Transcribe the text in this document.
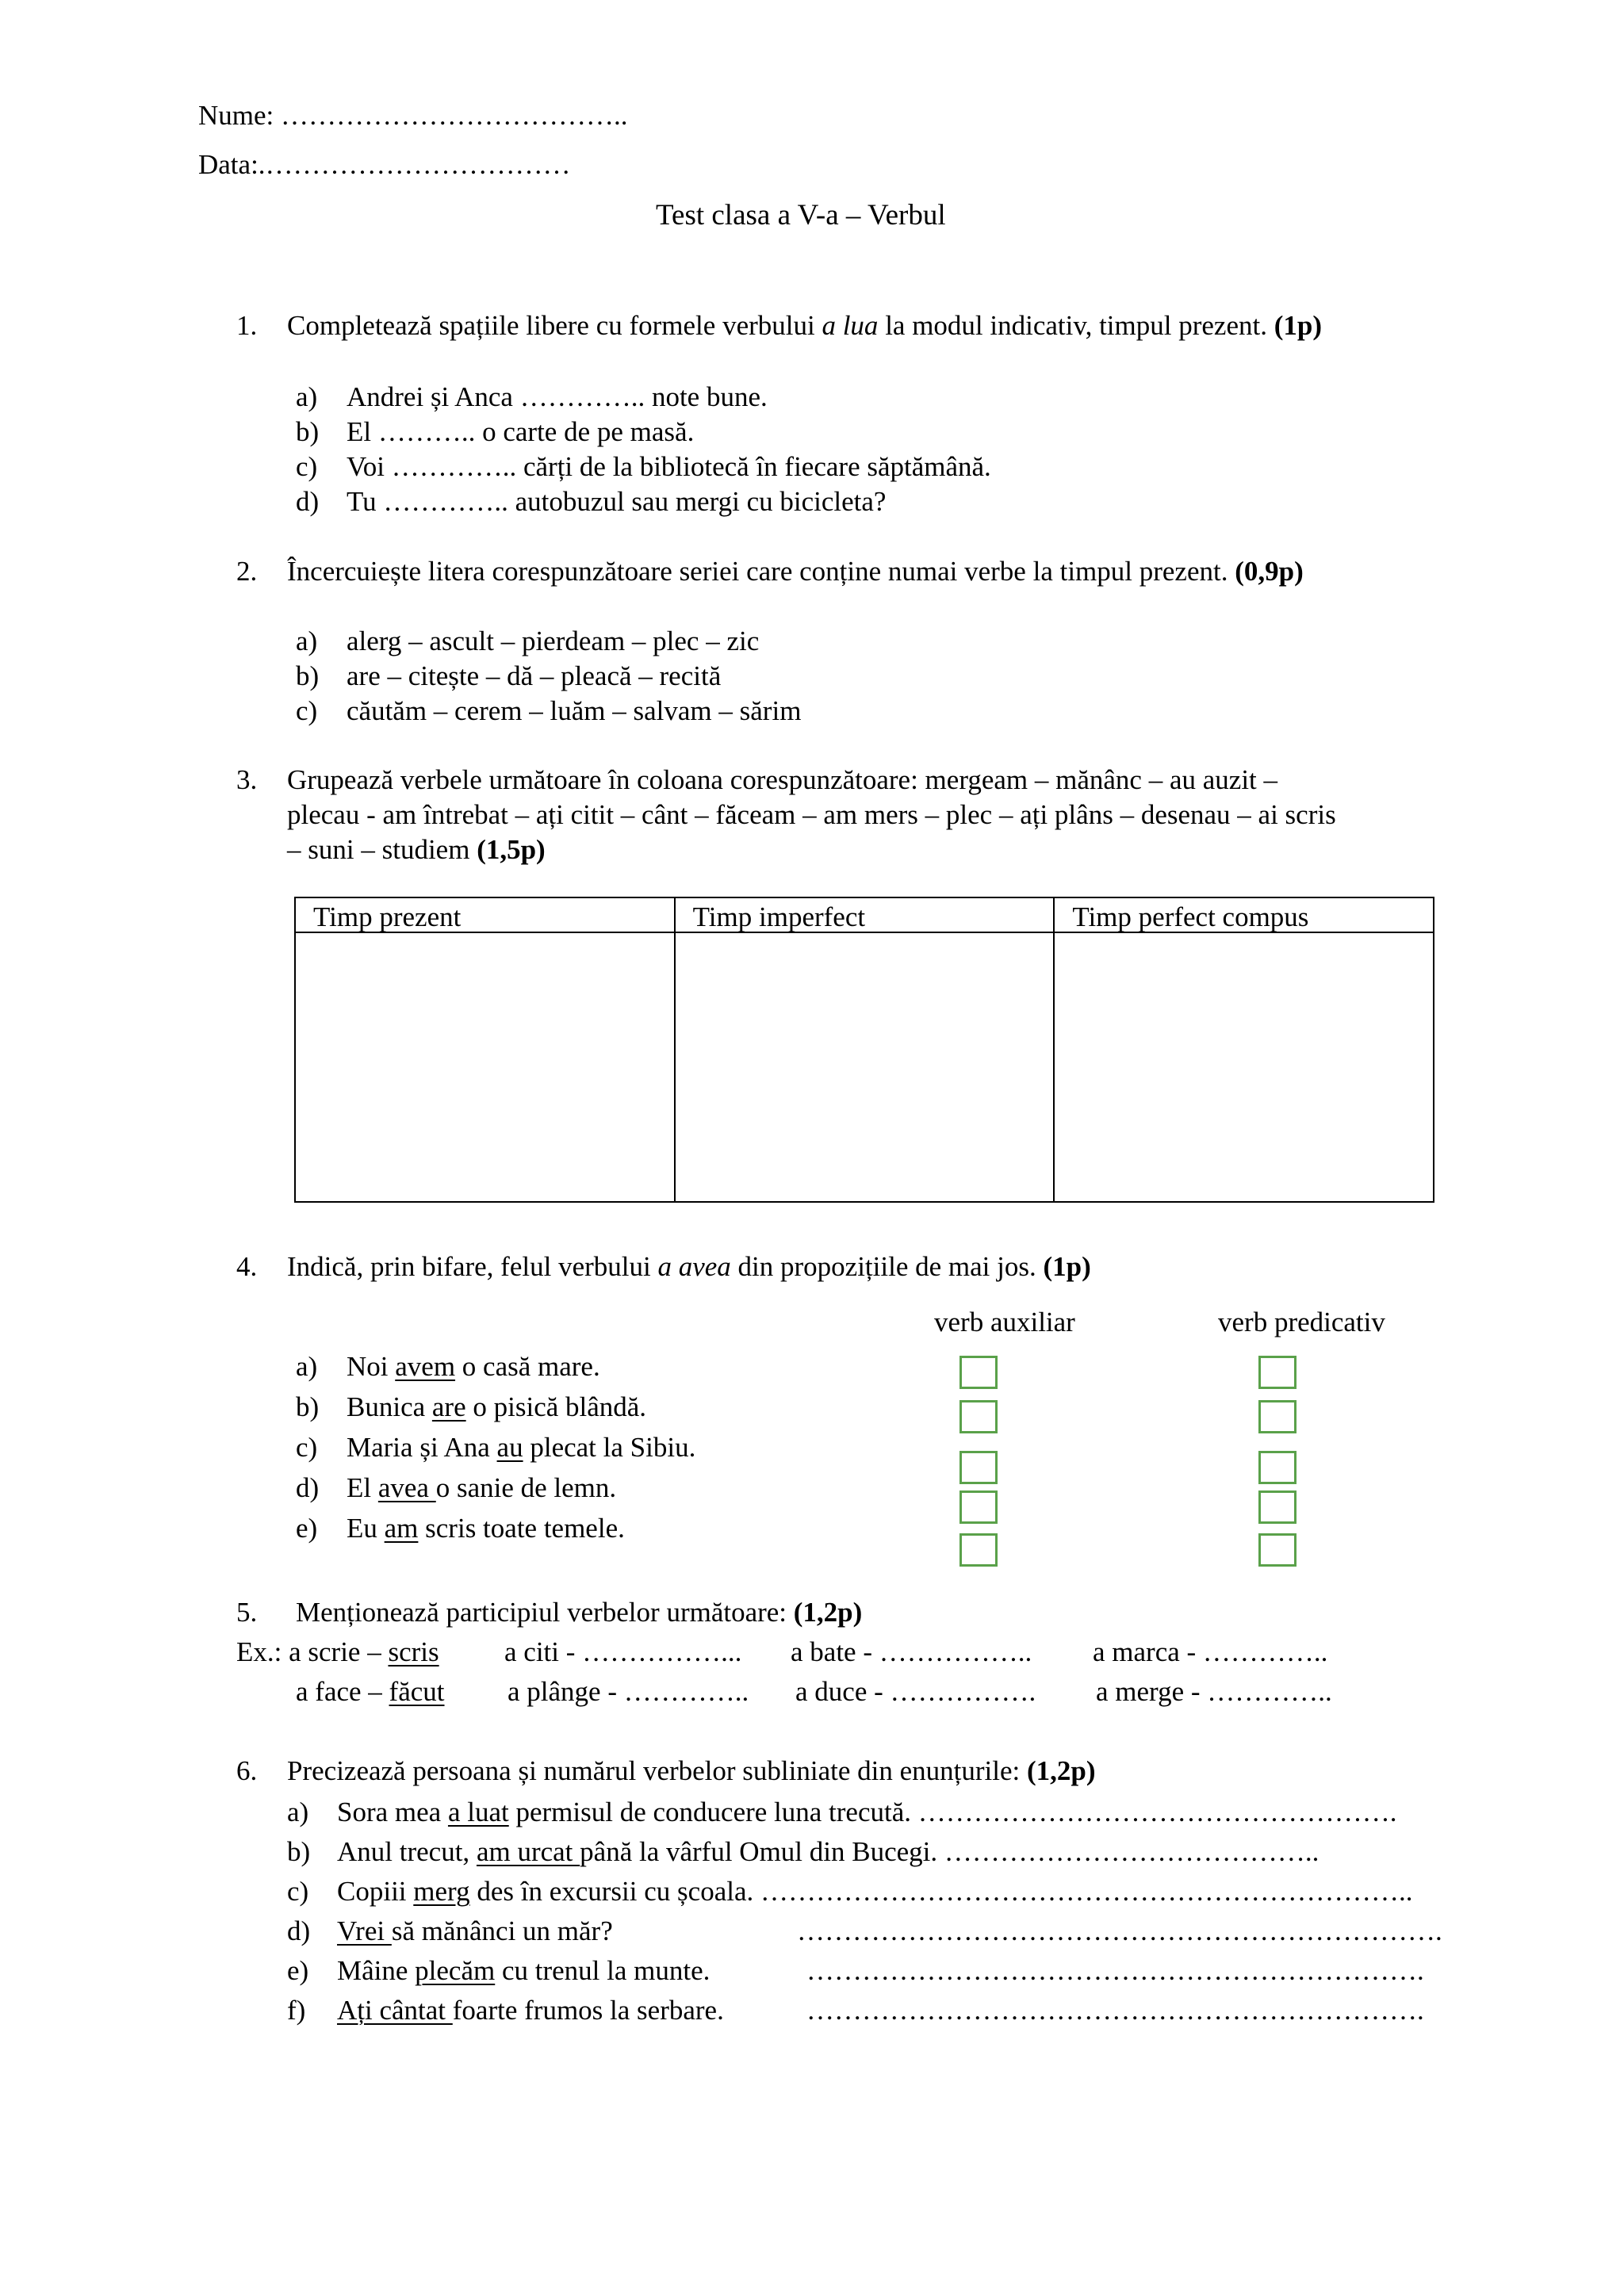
Nume: ………………………………..
Data:.……………………………
Test clasa a V-a – Verbul
1. Completează spațiile libere cu formele verbului a lua la modul indicativ, timpul prezent. (1p)
a) Andrei și Anca ………….. note bune.
b) El ……….. o carte de pe masă.
c) Voi ………….. cărți de la bibliotecă în fiecare săptămână.
d) Tu ………….. autobuzul sau mergi cu bicicleta?
2. Încercuiește litera corespunzătoare seriei care conține numai verbe la timpul prezent. (0,9p)
a) alerg – ascult – pierdeam – plec – zic
b) are – citește – dă – pleacă – recită
c) căutăm – cerem – luăm – salvam – sărim
3. Grupează verbele următoare în coloana corespunzătoare: mergeam – mănânc – au auzit –
plecau - am întrebat – ați citit – cânt – făceam – am mers – plec – ați plâns – desenau – ai scris
– suni – studiem (1,5p)
Timp prezent	Timp imperfect	Timp perfect compus

4. Indică, prin bifare, felul verbului a avea din propozițiile de mai jos. (1p)
verb auxiliar	verb predicativ
a) Noi avem o casă mare.
b) Bunica are o pisică blândă.
c) Maria și Ana au plecat la Sibiu.
d) El avea o sanie de lemn.
e) Eu am scris toate temele.
5. Menționează participiul verbelor următoare: (1,2p)
Ex.: a scrie – scris a citi - ……………... a bate - …………….. a marca - …………..
a face – făcut a plânge - ………….. a duce - ……………. a merge - …………..
6. Precizează persoana și numărul verbelor subliniate din enunțurile: (1,2p)
a) Sora mea a luat permisul de conducere luna trecută. …………………………………………….
b) Anul trecut, am urcat până la vârful Omul din Bucegi. …………………………………..
c) Copiii merg des în excursii cu școala. ……………………………………………………………..
d) Vrei să mănânci un măr?	…………………………………………………………….
e) Mâine plecăm cu trenul la munte.	………………………………………………………….
f) Ați cântat foarte frumos la serbare.	………………………………………………………….
